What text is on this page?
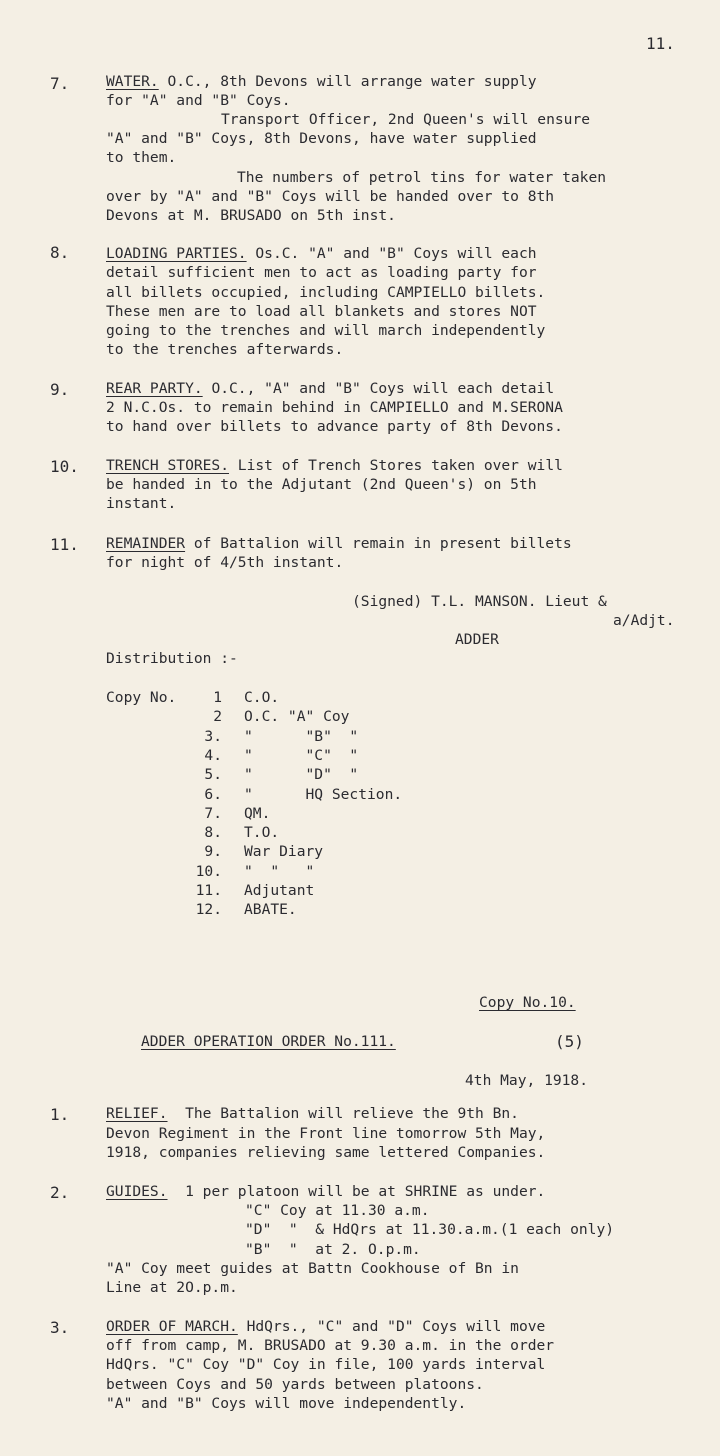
11.
7.	WATER. O.C., 8th Devons will arrange water supply
for "A" and "B" Coys.
Transport Officer, 2nd Queen's will ensure
"A" and "B" Coys, 8th Devons, have water supplied
to them.
The numbers of petrol tins for water taken
over by "A" and "B" Coys will be handed over to 8th
Devons at M. BRUSADO on 5th inst.
8.	LOADING PARTIES. Os.C. "A" and "B" Coys will each
detail sufficient men to act as loading party for
all billets occupied, including CAMPIELLO billets.
These men are to load all blankets and stores NOT
going to the trenches and will march independently
to the trenches afterwards.
9.	REAR PARTY. O.C., "A" and "B" Coys will each detail
2 N.C.Os. to remain behind in CAMPIELLO and M.SERONA
to hand over billets to advance party of 8th Devons.
10. TRENCH STORES. List of Trench Stores taken over will
be handed in to the Adjutant (2nd Queen's) on 5th
instant.
11. REMAINDER of Battalion will remain in present billets
for night of 4/5th instant.
(Signed) T.L. MANSON. Lieut &
a/Adjt.
ADDER
Distribution :-
Copy No.	1 C.O.
2 O.C. "A" Coy
3. "      "B"  "
4. "      "C"  "
5. "      "D"  "
6. "      HQ Section.
7. QM.
8. T.O.
9. War Diary
10. "  "   "
11. Adjutant
12. ABATE.
Copy No.10.
ADDER OPERATION ORDER No.111.	(5)
4th May, 1918.
1.	RELIEF.  The Battalion will relieve the 9th Bn.
Devon Regiment in the Front line tomorrow 5th May,
1918, companies relieving same lettered Companies.
2.	GUIDES.  1 per platoon will be at SHRINE as under.
"C" Coy at 11.30 a.m.
"D"  "  & HdQrs at 11.30.a.m.(1 each only)
"B"  "  at 2. O.p.m.
"A" Coy meet guides at Battn Cookhouse of Bn in
Line at 2O.p.m.
3.	ORDER OF MARCH. HdQrs., "C" and "D" Coys will move
off from camp, M. BRUSADO at 9.30 a.m. in the order
HdQrs. "C" Coy "D" Coy in file, 100 yards interval
between Coys and 50 yards between platoons.
"A" and "B" Coys will move independently.
